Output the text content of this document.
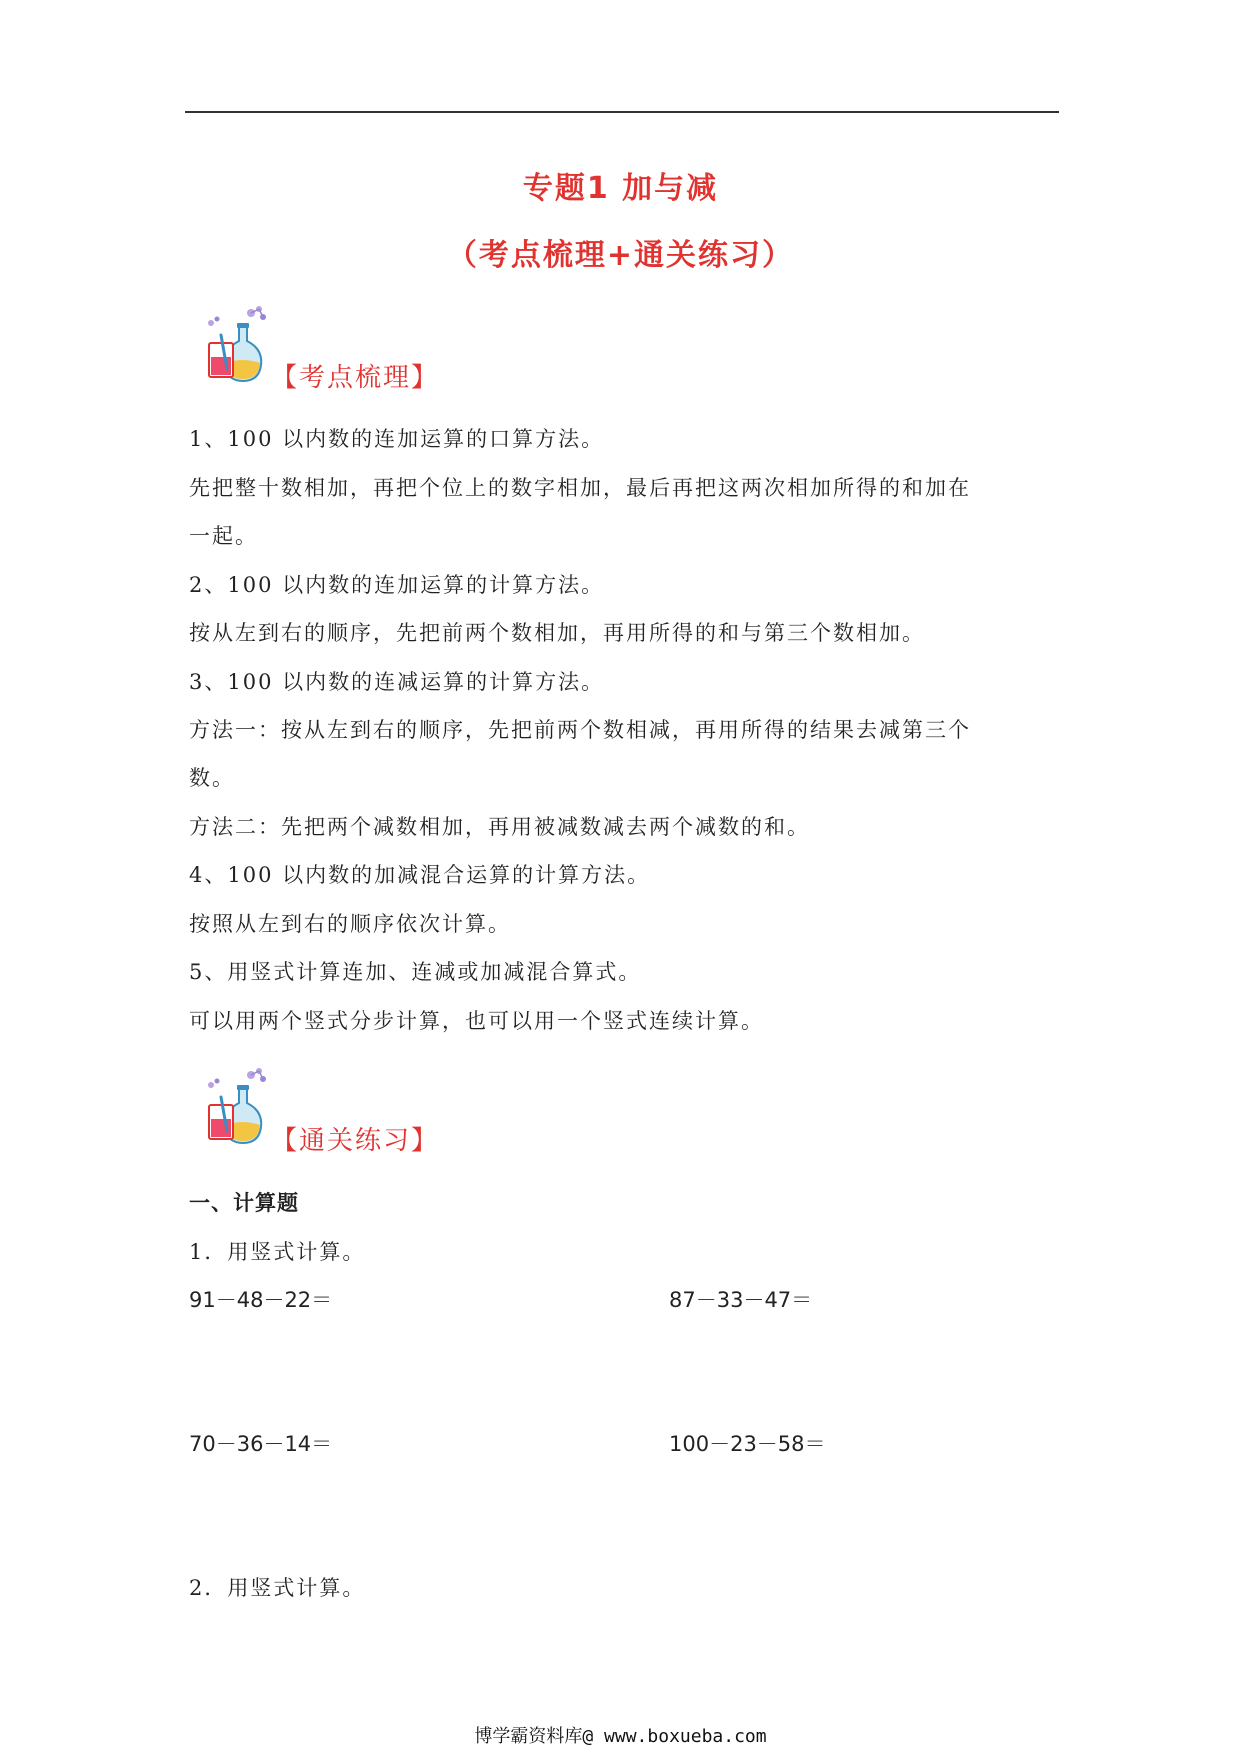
专题1 加与减
（考点梳理+通关练习）
【考点梳理】
1、100 以内数的连加运算的口算方法。
先把整十数相加，再把个位上的数字相加，最后再把这两次相加所得的和加在
一起。
2、100 以内数的连加运算的计算方法。
按从左到右的顺序，先把前两个数相加，再用所得的和与第三个数相加。
3、100 以内数的连减运算的计算方法。
方法一：按从左到右的顺序，先把前两个数相减，再用所得的结果去减第三个
数。
方法二：先把两个减数相加，再用被减数减去两个减数的和。
4、100 以内数的加减混合运算的计算方法。
按照从左到右的顺序依次计算。
5、用竖式计算连加、连减或加减混合算式。
可以用两个竖式分步计算，也可以用一个竖式连续计算。
【通关练习】
一、计算题
1．用竖式计算。
91－48－22＝	87－33－47＝
70－36－14＝	100－23－58＝
2．用竖式计算。
博学霸资料库@ www.boxueba.com
